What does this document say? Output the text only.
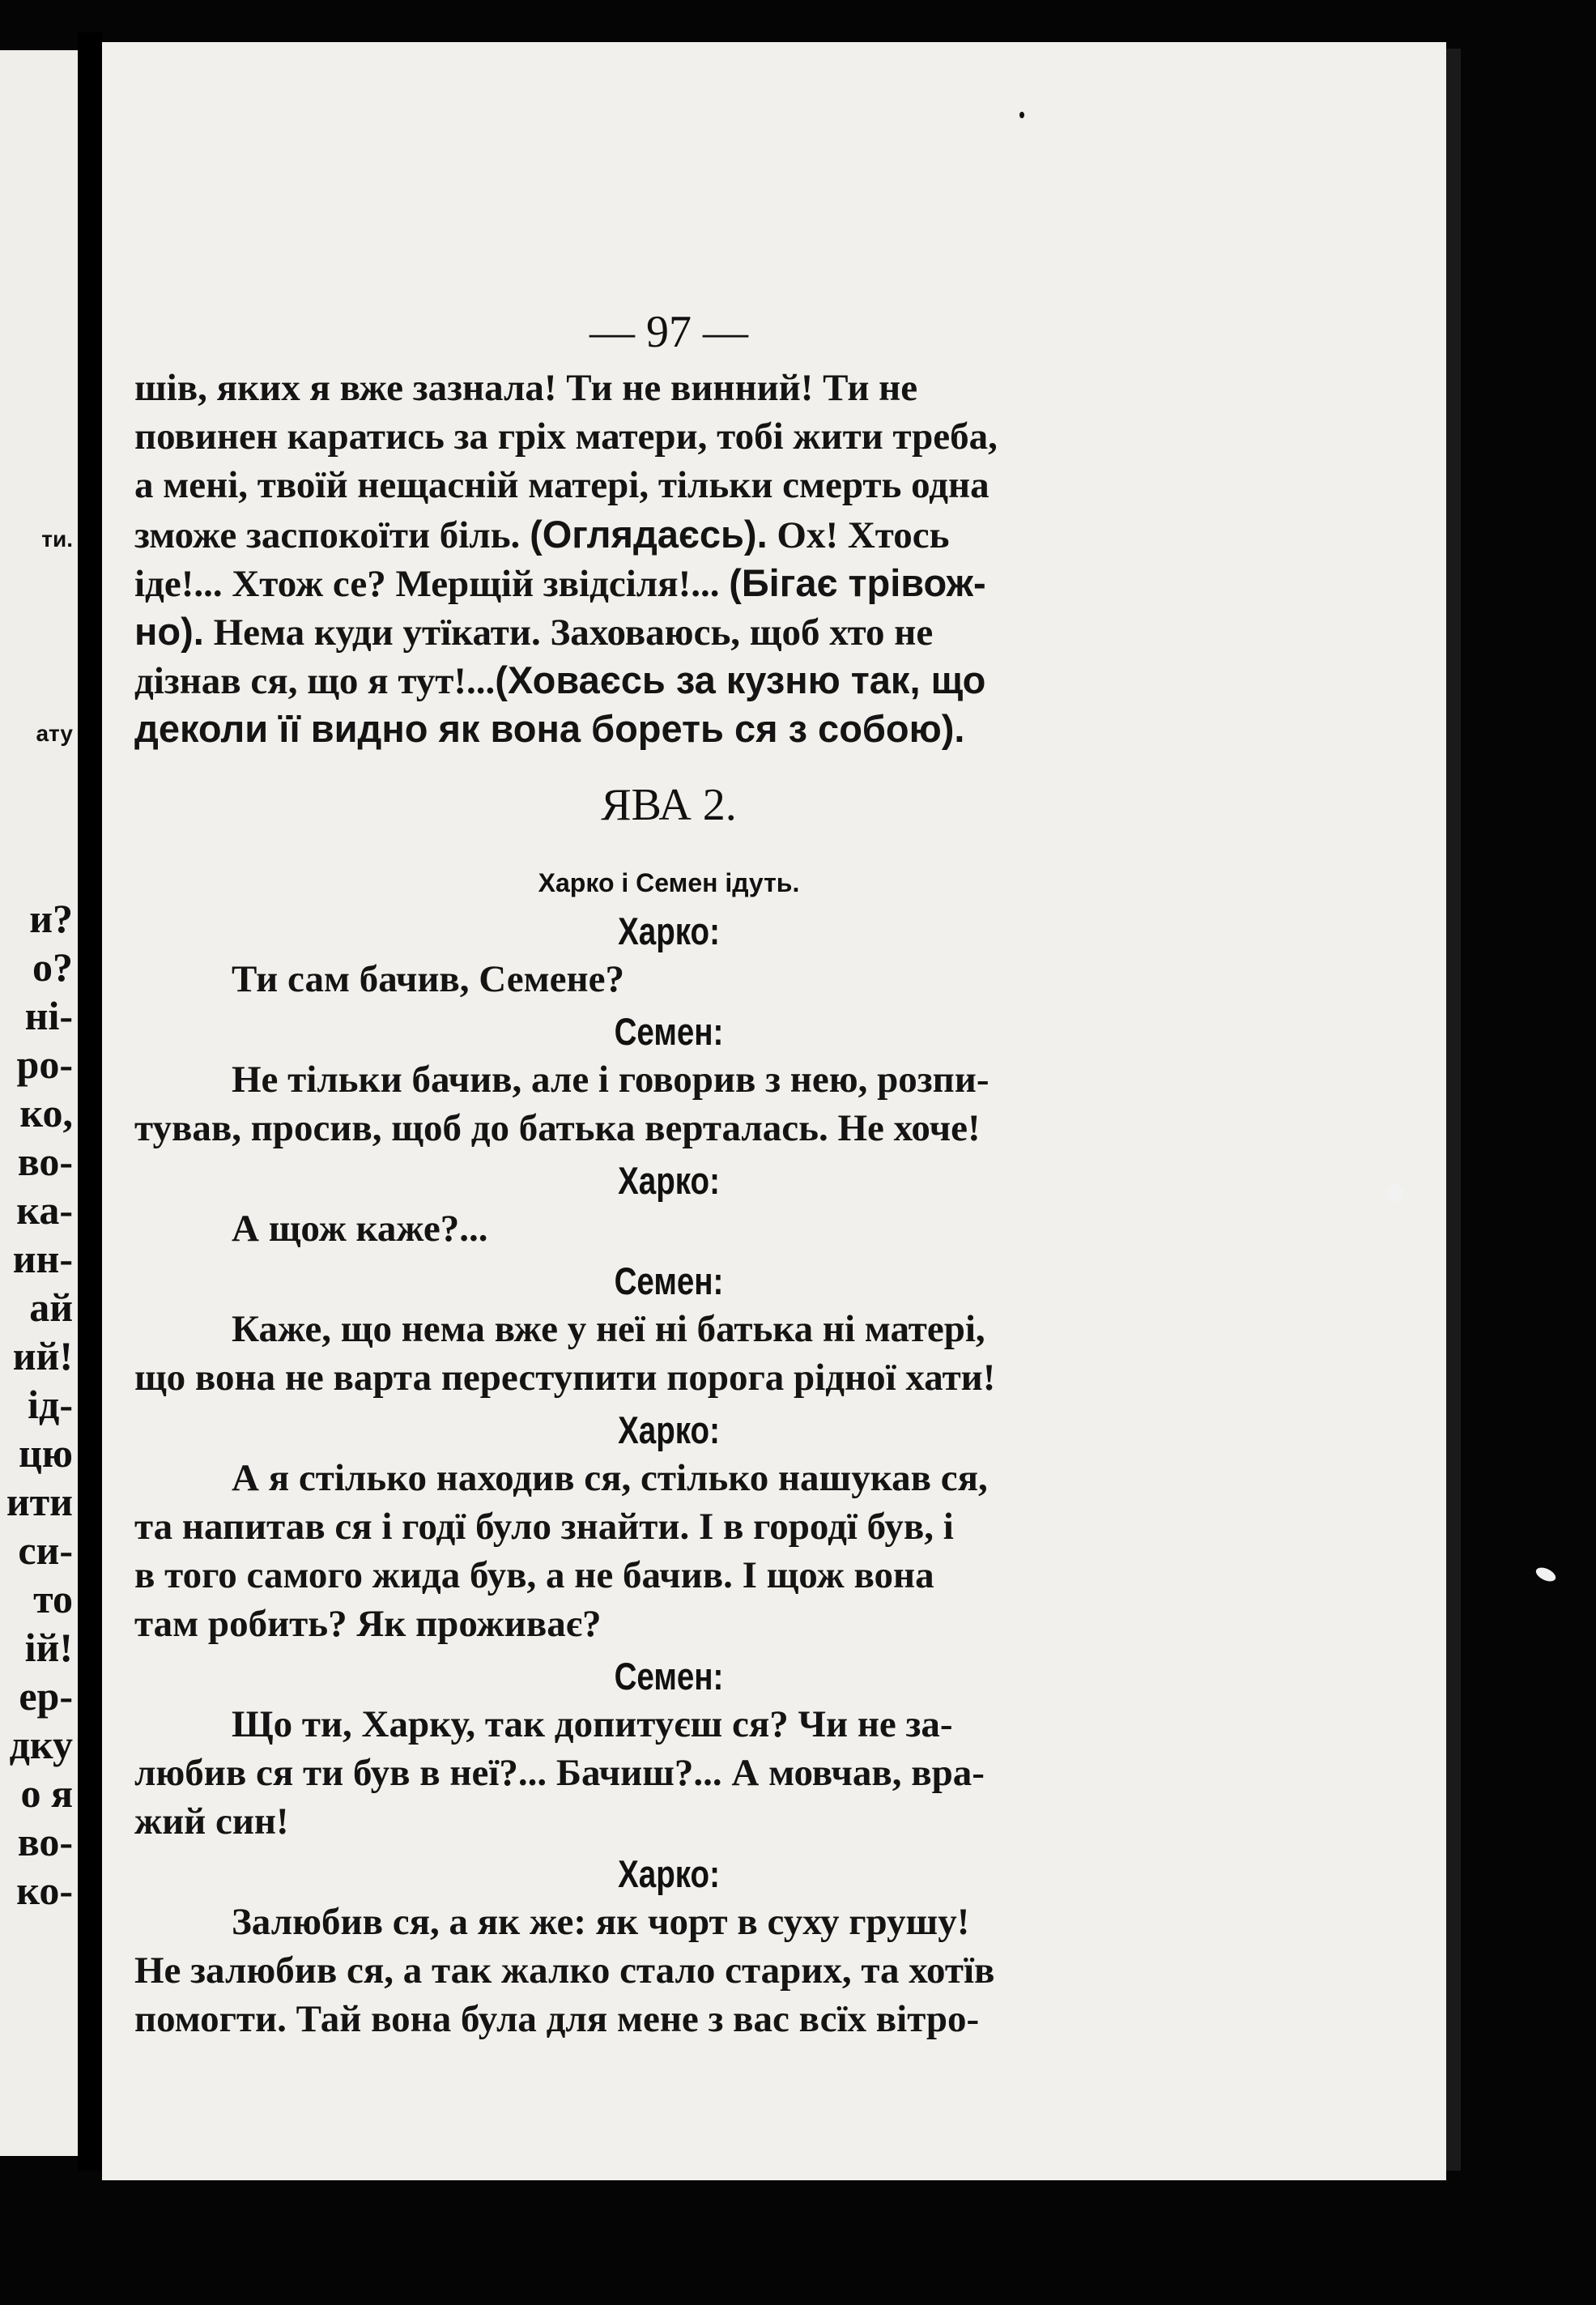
ти.
ату
и?
о?
ні-
ро-
ко,
во-
ка-
ин-
ай
ий!
ід-
цю
ити
си-
то
ій!
ер-
дку
о я
во-
ко-
— 97 —
шів, яких я вже зазнала! Ти не винний! Ти не
повинен каратись за гріх матери, тобі жити треба,
а мені, твоїй нещасній матері, тільки смерть одна
зможе заспокоїти біль. (Оглядаєсь). Ох! Хтось
іде!... Хтож се? Мерщій звідсіля!... (Бігає трівож-
но). Нема куди утїкати. Заховаюсь, щоб хто не
дізнав ся, що я тут!...(Ховаєсь за кузню так, що
деколи її видно як вона бореть ся з собою).
ЯВА 2.
Харко і Семен ідуть.
Харко:
Ти сам бачив, Семене?
Семен:
Не тільки бачив, але і говорив з нею, розпи-
тував, просив, щоб до батька верталась. Не хоче!
Харко:
А щож каже?...
Семен:
Каже, що нема вже у неї ні батька ні матері,
що вона не варта переступити порога рідної хати!
Харко:
А я стілько находив ся, стілько нашукав ся,
та напитав ся і годї було знайти. І в городї був, і
в того самого жида був, а не бачив. І щож вона
там робить? Як проживає?
Семен:
Що ти, Харку, так допитуєш ся? Чи не за-
любив ся ти був в неї?... Бачиш?... А мовчав, вра-
жий син!
Харко:
Залюбив ся, а як же: як чорт в суху грушу!
Не залюбив ся, а так жалко стало старих, та хотїв
помогти. Тай вона була для мене з вас всїх вітро-
